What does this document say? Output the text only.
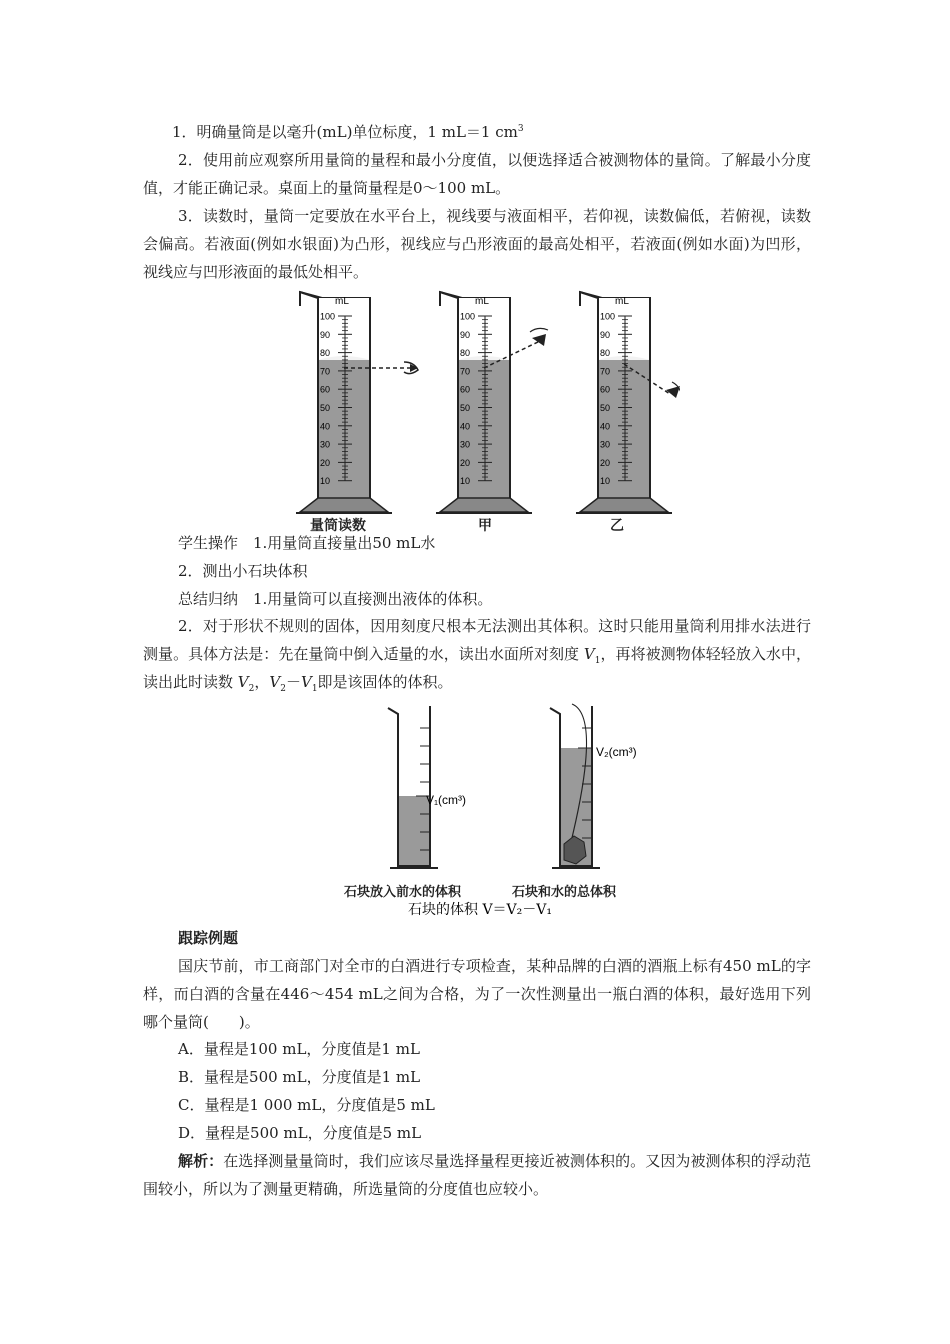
1．明确量筒是以毫升(mL)单位标度，1 mL＝1 $cm^3$
2．使用前应观察所用量筒的量程和最小分度值，以便选择适合被测物体的量筒。了解最小分度值，才能正确记录。桌面上的量筒量程是0～100 mL。
3．读数时，量筒一定要放在水平台上，视线要与液面相平，若仰视，读数偏低，若俯视，读数会偏高。若液面(例如水银面)为凸形，视线应与凸形液面的最高处相平，若液面(例如水面)为凹形，视线应与凹形液面的最低处相平。
mL
100
90
80
70
60
50
40
30
20
10
mL
100
90
80
70
60
50
40
30
20
10
mL
100
90
80
70
60
50
40
30
20
10
量筒读数	甲	乙
学生操作　1.用量筒直接量出50 mL水
2．测出小石块体积
总结归纳　1.用量筒可以直接测出液体的体积。
2．对于形状不规则的固体，因用刻度尺根本无法测出其体积。这时只能用量筒利用排水法进行测量。具体方法是：先在量筒中倒入适量的水，读出水面所对刻度 $V_1$，再将被测物体轻轻放入水中，读出此时读数 $V_2$，$V_2-V_1$即是该固体的体积。
V₁(cm³)
V₂(cm³)
石块放入前水的体积	石块和水的总体积
石块的体积 V＝V₂－V₁
跟踪例题
国庆节前，市工商部门对全市的白酒进行专项检查，某种品牌的白酒的酒瓶上标有450 mL的字样，而白酒的含量在446～454 mL之间为合格，为了一次性测量出一瓶白酒的体积，最好选用下列哪个量筒(　　)。
A．量程是100 mL，分度值是1 mL
B．量程是500 mL，分度值是1 mL
C．量程是1 000 mL，分度值是5 mL
D．量程是500 mL，分度值是5 mL
解析：在选择测量量筒时，我们应该尽量选择量程更接近被测体积的。又因为被测体积的浮动范围较小，所以为了测量更精确，所选量筒的分度值也应较小。
